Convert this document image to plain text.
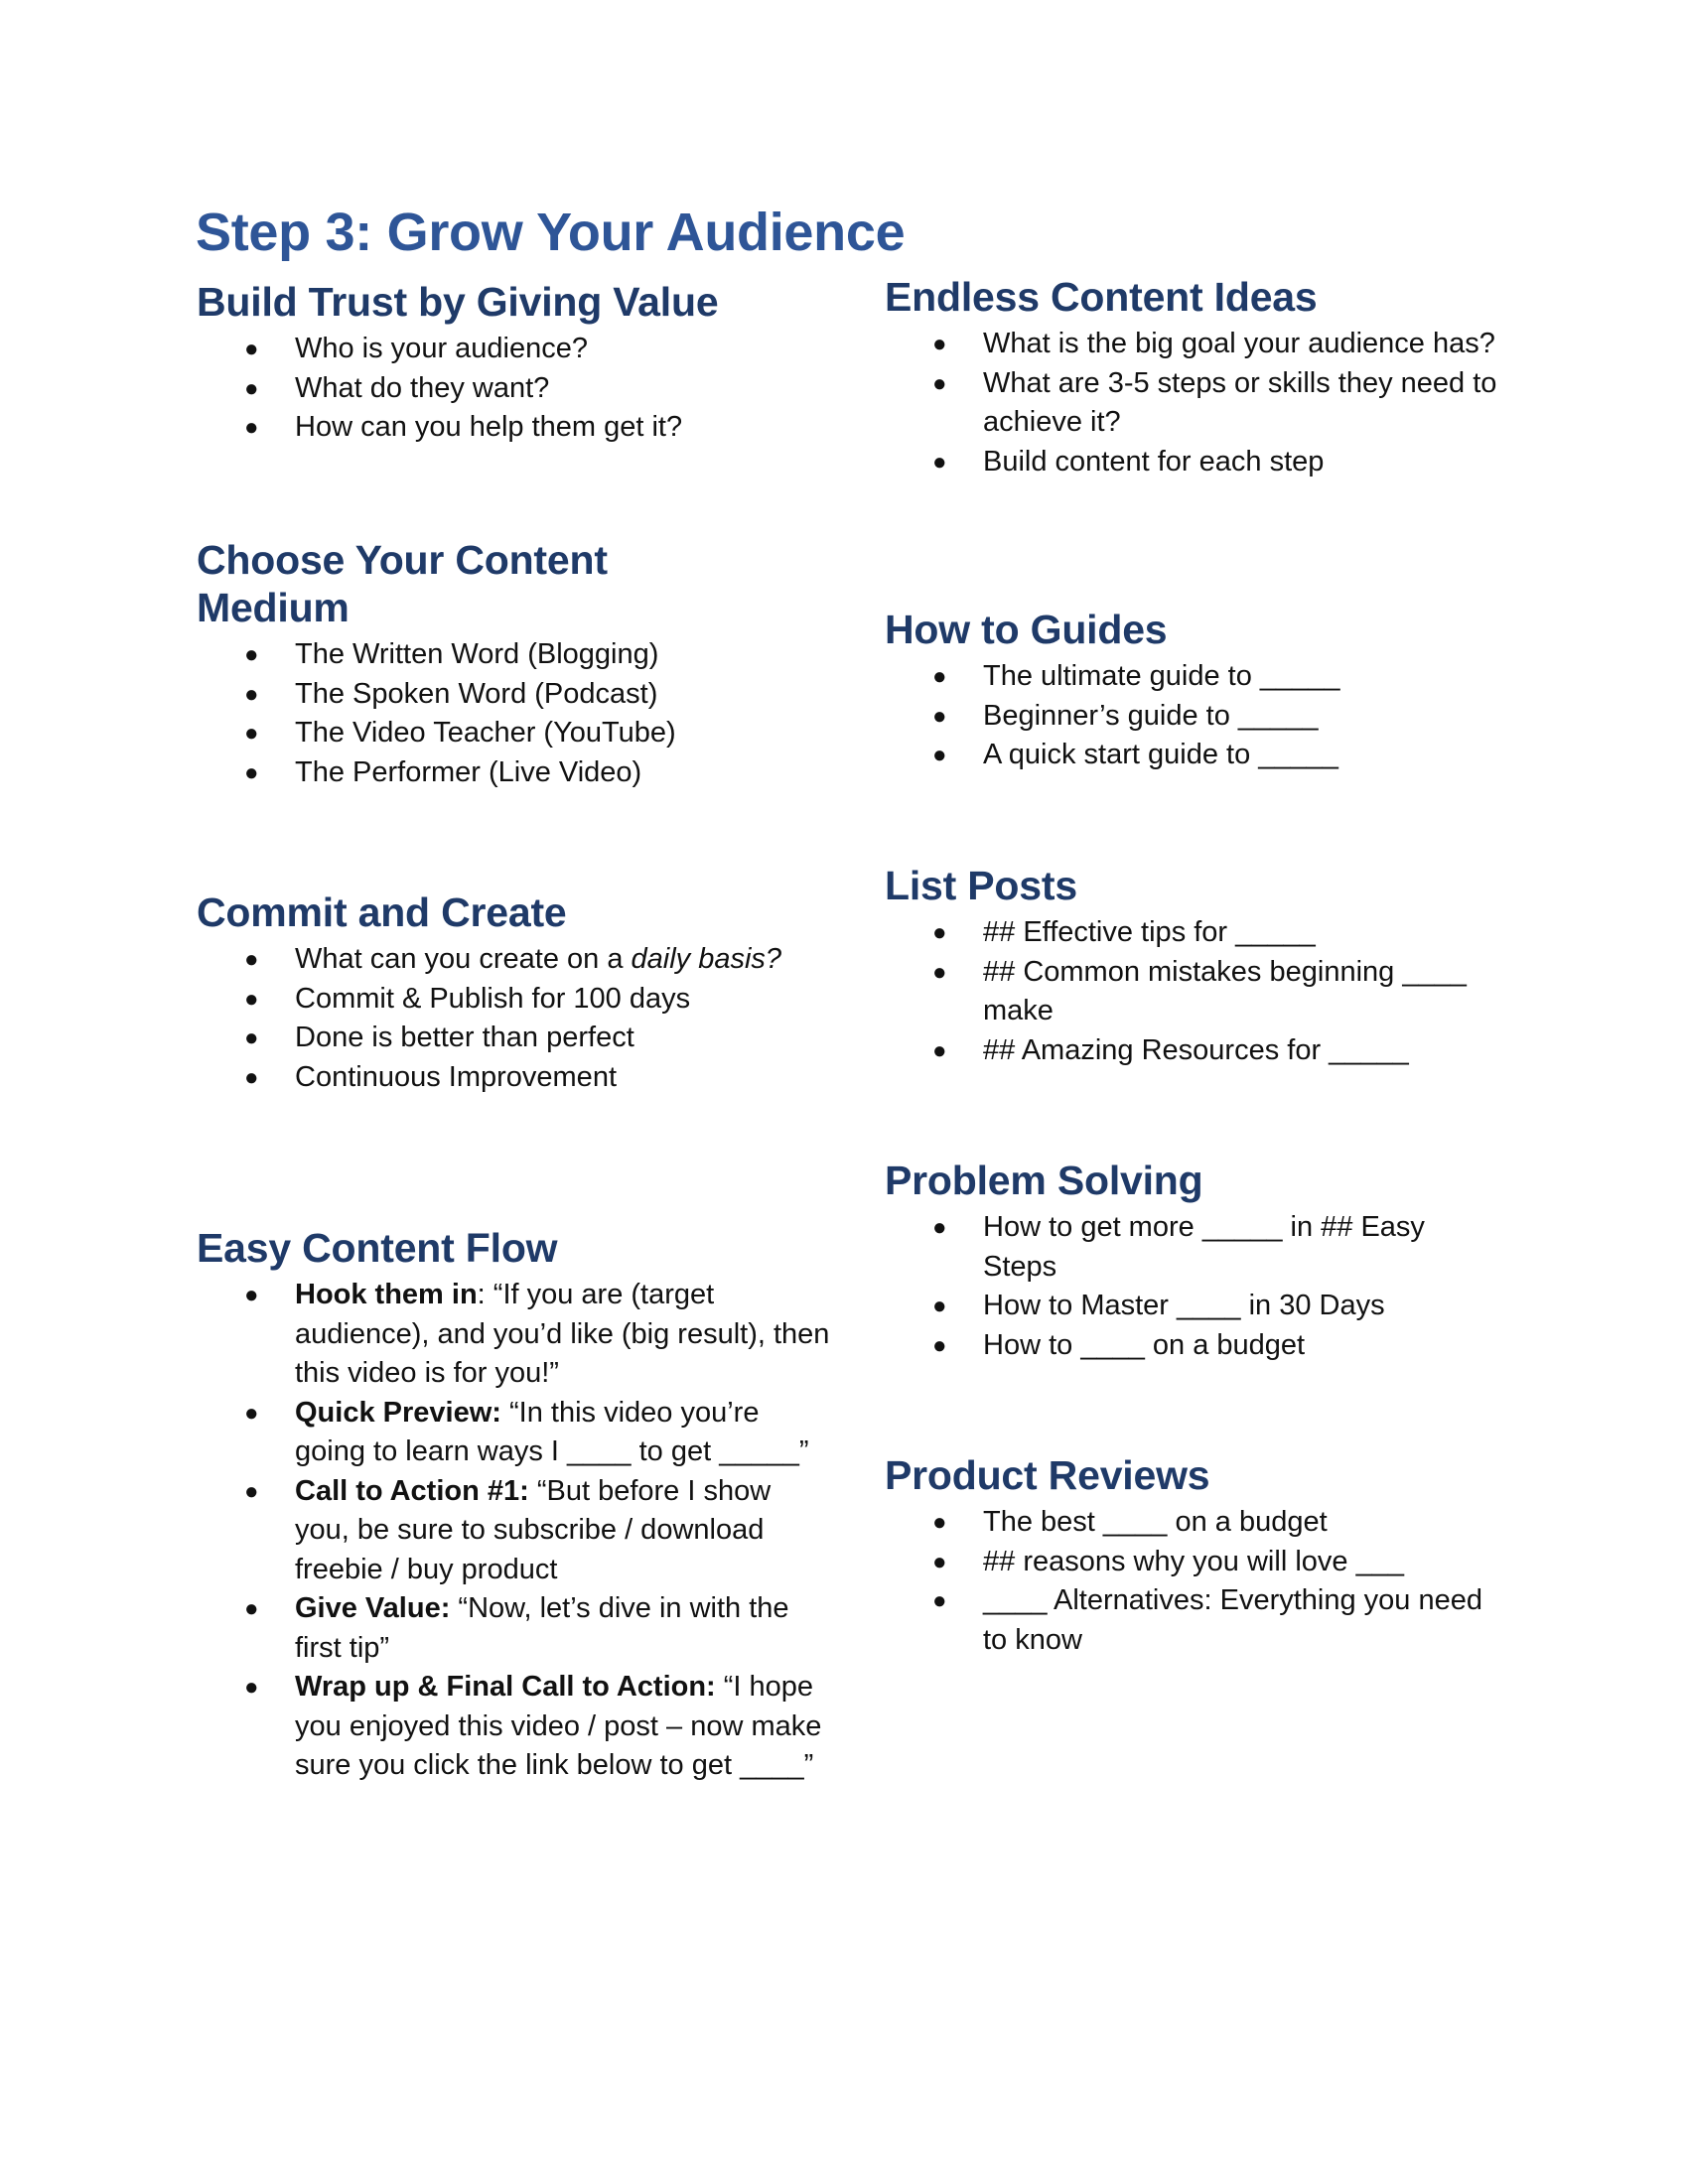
Step 3: Grow Your Audience
Build Trust by Giving Value
● Who is your audience?
● What do they want?
● How can you help them get it?
Choose Your Content Medium
● The Written Word (Blogging)
● The Spoken Word (Podcast)
● The Video Teacher (YouTube)
● The Performer (Live Video)
Commit and Create
● What can you create on a daily basis?
● Commit & Publish for 100 days
● Done is better than perfect
● Continuous Improvement
Easy Content Flow
● Hook them in: “If you are (target audience), and you’d like (big result), then this video is for you!”
● Quick Preview: “In this video you’re going to learn ways I ____ to get _____”
● Call to Action #1: “But before I show you, be sure to subscribe / download freebie / buy product
● Give Value: “Now, let’s dive in with the first tip”
● Wrap up & Final Call to Action: “I hope you enjoyed this video / post – now make sure you click the link below to get ____”
Endless Content Ideas
● What is the big goal your audience has?
● What are 3-5 steps or skills they need to achieve it?
● Build content for each step
How to Guides
● The ultimate guide to _____
● Beginner’s guide to _____
● A quick start guide to _____
List Posts
● ## Effective tips for _____
● ## Common mistakes beginning ____ make
● ## Amazing Resources for _____
Problem Solving
● How to get more _____ in ## Easy Steps
● How to Master ____ in 30 Days
● How to ____ on a budget
Product Reviews
● The best ____ on a budget
● ## reasons why you will love ___
● ____ Alternatives: Everything you need to know
